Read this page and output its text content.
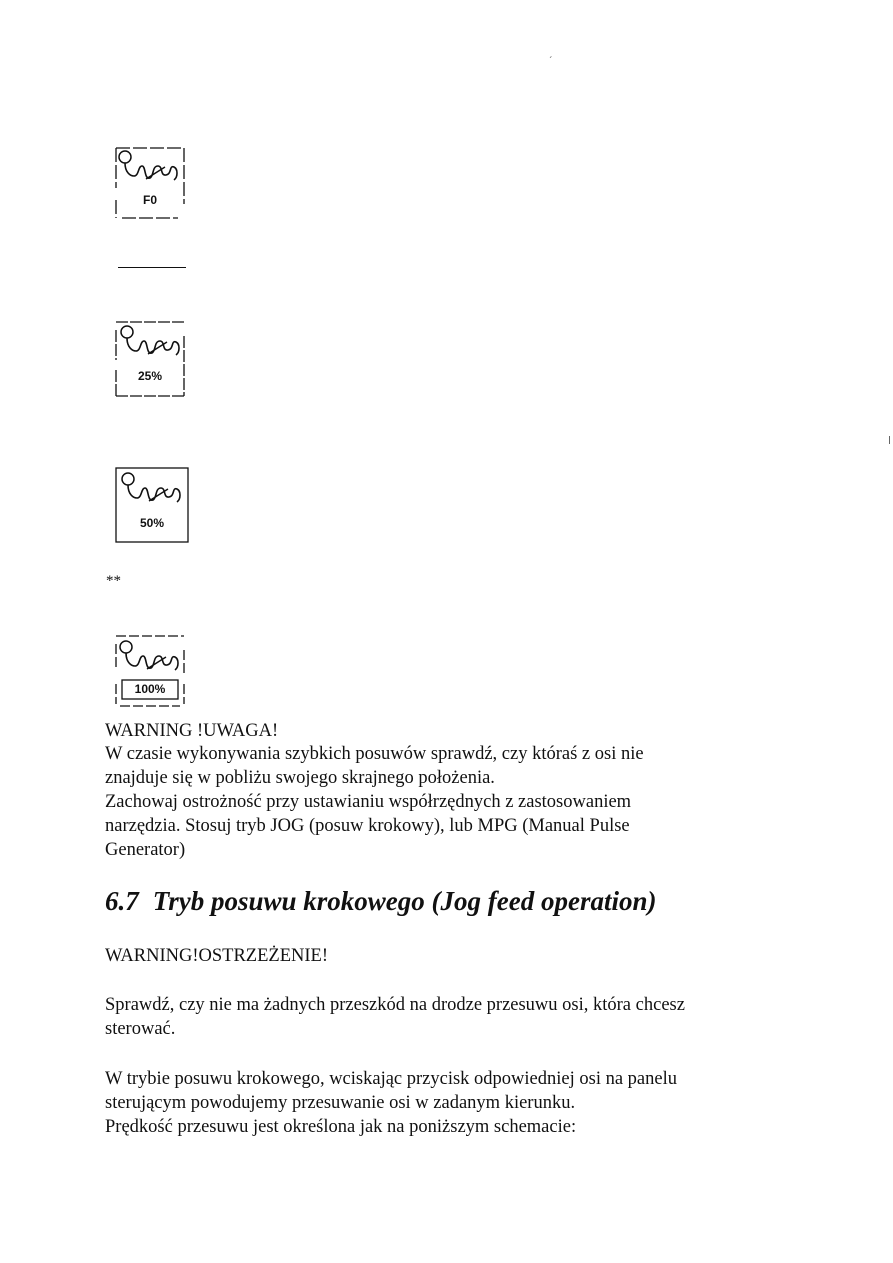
´
F0
25%
50%
**
100%
WARNING !UWAGA!

W czasie wykonywania szybkich posuwów sprawdź, czy któraś z osi nie

znajduje się w pobliżu swojego skrajnego położenia.

Zachowaj ostrożność przy ustawianiu współrzędnych z zastosowaniem

narzędzia. Stosuj tryb JOG (posuw krokowy), lub MPG (Manual Pulse

Generator)

6.7 Tryb posuwu krokowego (Jog feed operation)

WARNING!OSTRZEŻENIE!

Sprawdź, czy nie ma żadnych przeszkód na drodze przesuwu osi, która chcesz

sterować.

W trybie posuwu krokowego, wciskając przycisk odpowiedniej osi na panelu

sterującym powodujemy przesuwanie osi w zadanym kierunku.

Prędkość przesuwu jest określona jak na poniższym schemacie:
